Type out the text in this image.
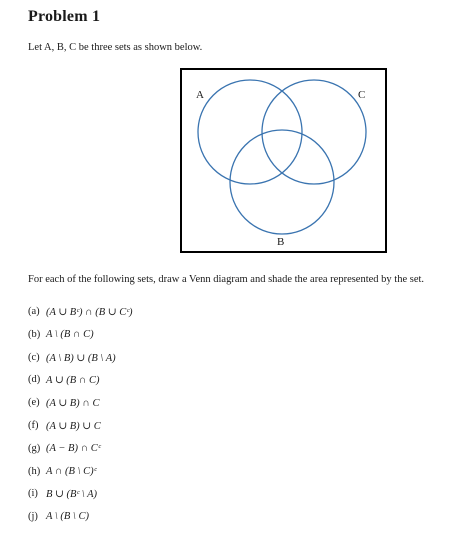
Problem 1
Let A, B, C be three sets as shown below.
A	C
B
For each of the following sets, draw a Venn diagram and shade the area represented by the set.
(a) (A ∪ Bᶜ) ∩ (B ∪ Cᶜ)
(b) A \ (B ∩ C)
(c) (A \ B) ∪ (B \ A)
(d) A ∪ (B ∩ C)
(e) (A ∪ B) ∩ C
(f) (A ∪ B) ∪ C
(g) (A − B) ∩ Cᶜ
(h) A ∩ (B \ C)ᶜ
(i) B ∪ (Bᶜ \ A)
(j) A \ (B \ C)
